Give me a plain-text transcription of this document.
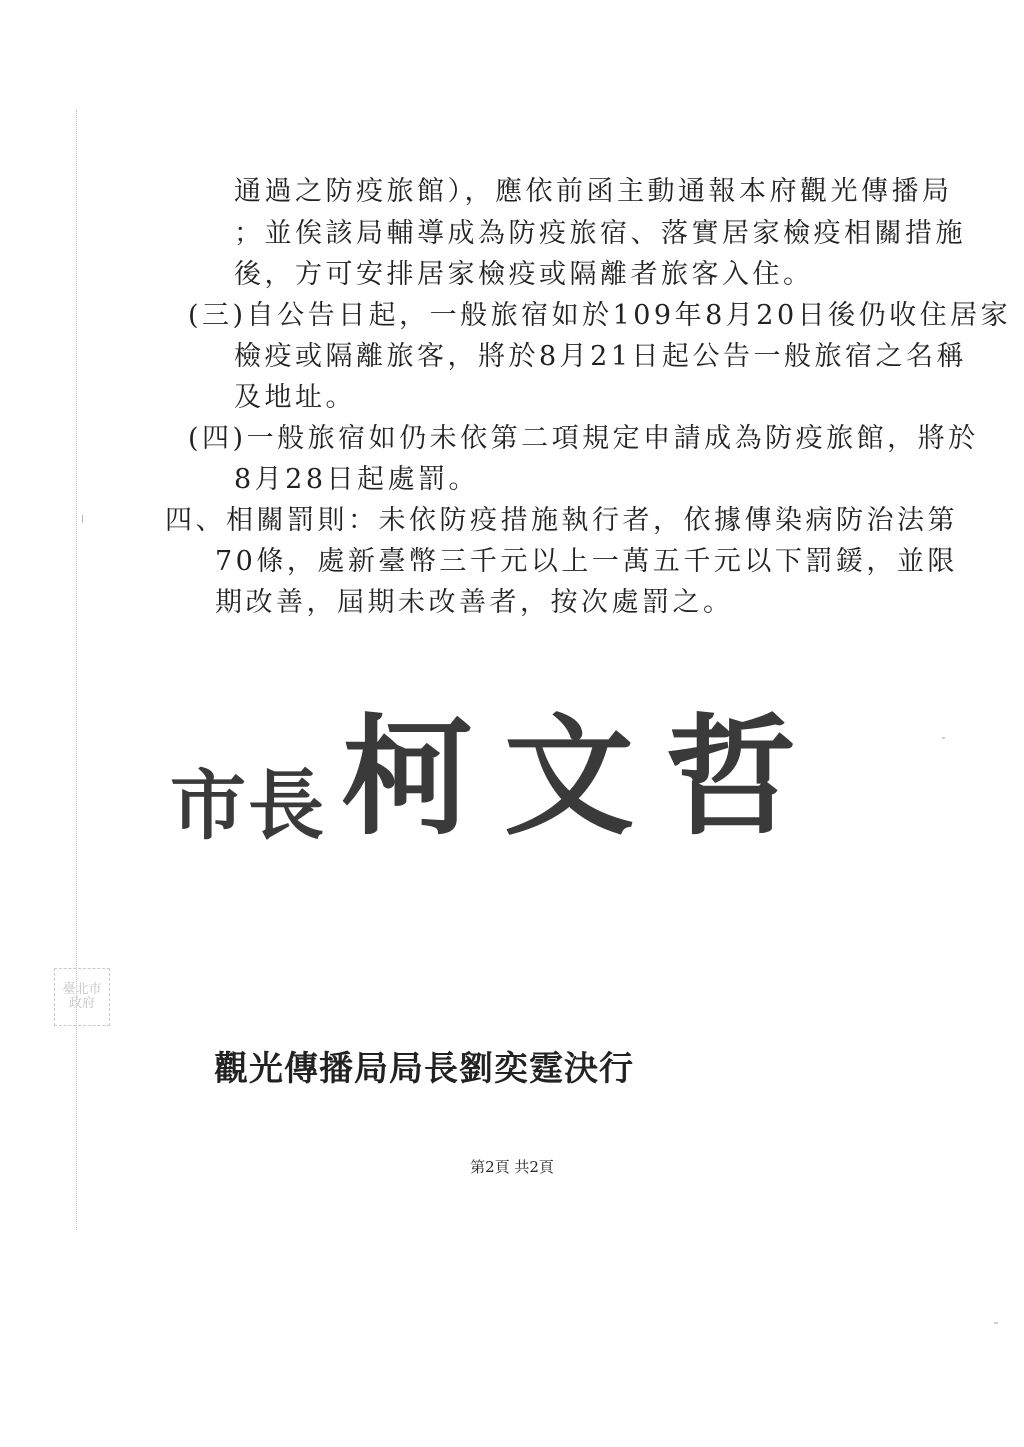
通過之防疫旅館），應依前函主動通報本府觀光傳播局
；並俟該局輔導成為防疫旅宿、落實居家檢疫相關措施
後，方可安排居家檢疫或隔離者旅客入住。
(三)自公告日起，一般旅宿如於109年8月20日後仍收住居家
檢疫或隔離旅客，將於8月21日起公告一般旅宿之名稱
及地址。
(四)一般旅宿如仍未依第二項規定申請成為防疫旅館，將於
8月28日起處罰。
四、相關罰則：未依防疫措施執行者，依據傳染病防治法第
70條，處新臺幣三千元以上一萬五千元以下罰鍰，並限
期改善，屆期未改善者，按次處罰之。
市長 柯文哲
臺北市政府
觀光傳播局局長劉奕霆決行
第2頁 共2頁
